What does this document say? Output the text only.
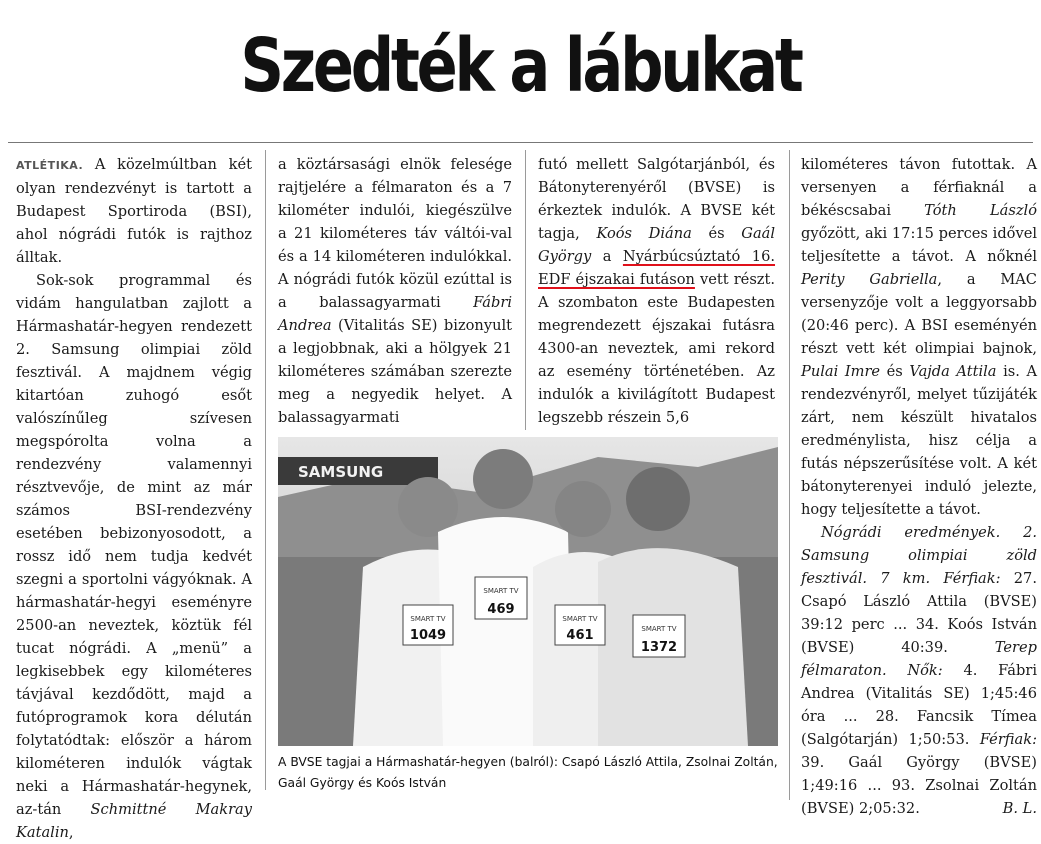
Szedték a lábukat

ATLÉTIKA. A közelmúltban két olyan rendezvényt is tartott a Budapest Sportiroda (BSI), ahol nógrádi futók is rajthoz álltak.

Sok-sok programmal és vidám hangulatban zajlott a Hármashatár-hegyen rendezett 2. Samsung olimpiai zöld fesztivál. A majdnem végig kitartóan zuhogó esőt valószínűleg szívesen megspórolta volna a rendezvény valamennyi résztvevője, de mint az már számos BSI-rendezvény esetében bebizonyosodott, a rossz idő nem tudja kedvét szegni a sportolni vágyóknak. A hármashatár-hegyi eseményre 2500-an neveztek, köztük fél tucat nógrádi. A „menü” a legkisebbek egy kilométeres távjával kezdődött, majd a futóprogramok kora délután folytatódtak: először a három kilométeren indulók vágtak neki a Hármashatár-hegynek, az-tán Schmittné Makray Katalin,

a köztársasági elnök felesége rajtjelére a félmaraton és a 7 kilométer indulói, kiegészülve a 21 kilométeres táv váltói-val és a 14 kilométeren indulókkal. A nógrádi futók közül ezúttal is a balassagyarmati Fábri Andrea (Vitalitás SE) bizonyult a legjobbnak, aki a hölgyek 21 kilométeres számában szerezte meg a negyedik helyet. A balassagyarmati

futó mellett Salgótarjánból, és Bátonyterenyéről (BVSE) is érkeztek indulók. A BVSE két tagja, Koós Diána és Gaál György a Nyárbúcsúztató 16. EDF éjszakai futáson vett részt. A szombaton este Budapesten megrendezett éjszakai futásra 4300-an neveztek, ami rekord az esemény történetében. Az indulók a kivilágított Budapest legszebb részein 5,6

kilométeres távon futottak. A versenyen a férfiaknál a békéscsabai Tóth László győzött, aki 17:15 perces idővel teljesítette a távot. A nőknél Perity Gabriella, a MAC versenyzője volt a leggyorsabb (20:46 perc). A BSI eseményén részt vett két olimpiai bajnok, Pulai Imre és Vajda Attila is. A rendezvényről, melyet tűzijáték zárt, nem készült hivatalos eredménylista, hisz célja a futás népszerűsítése volt. A két bátonyterenyei induló jelezte, hogy teljesítette a távot.

Nógrádi eredmények. 2. Samsung olimpiai zöld fesztivál. 7 km. Férfiak: 27. Csapó László Attila (BVSE) 39:12 perc ... 34. Koós István (BVSE) 40:39. Terep félmaraton. Nők: 4. Fábri Andrea (Vitalitás SE) 1;45:46 óra ... 28. Fancsik Tímea (Salgótarján) 1;50:53. Férfiak: 39. Gaál György (BVSE) 1;49:16 ... 93. Zsolnai Zoltán (BVSE) 2;05:32.	B. L.

SAMSUNG
SMART TV
1049
SMART TV
469
SMART TV
461	SMART TV
1372
A BVSE tagjai a Hármashatár-hegyen (balról): Csapó László Attila, Zsolnai Zoltán, Gaál György és Koós István
